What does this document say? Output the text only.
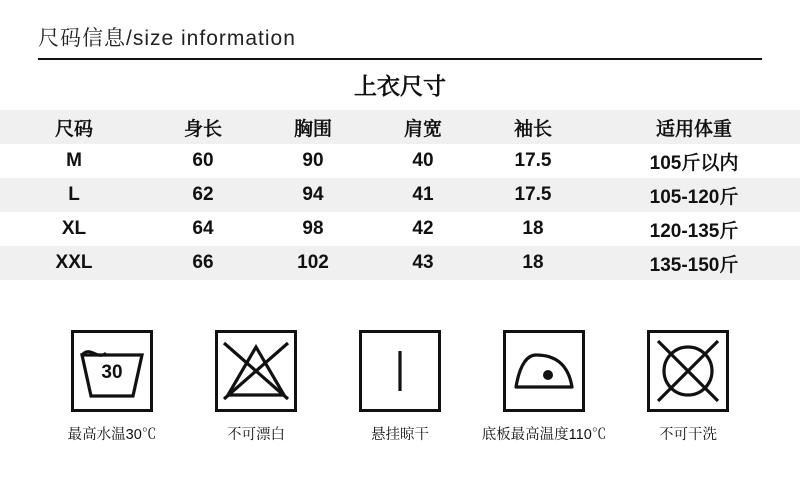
尺码信息/size information
上衣尺寸
尺码	身长	胸围	肩宽	袖长	适用体重
M	60	90	40	17.5	105斤以内
L	62	94	41	17.5	105-120斤
XL	64	98	42	18	120-135斤
XXL	66	102	43	18	135-150斤
30
最高水温30℃	不可漂白	悬挂晾干	底板最高温度110℃	不可干洗
